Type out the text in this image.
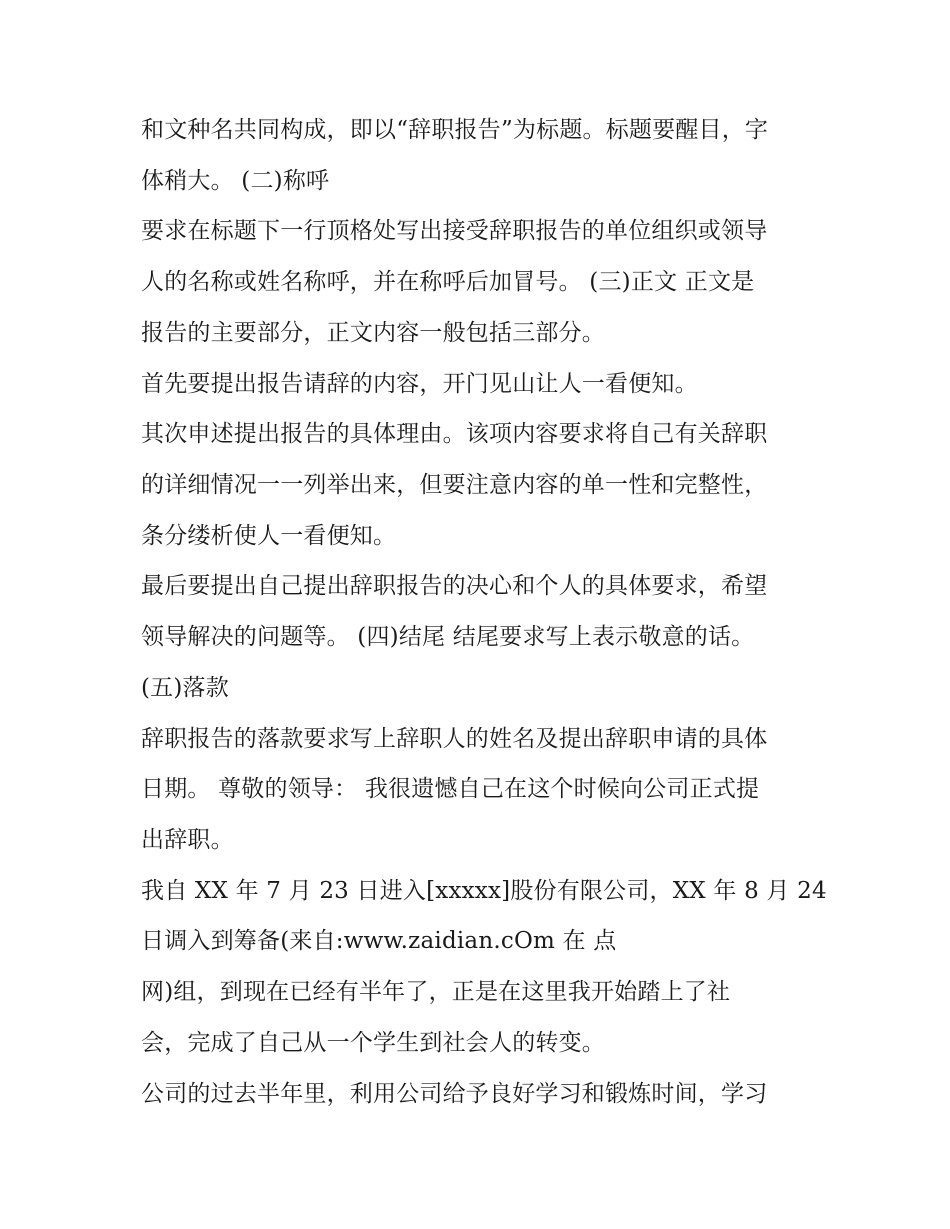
和文种名共同构成，即以“辞职报告”为标题。标题要醒目，字

体稍大。 (二)称呼

要求在标题下一行顶格处写出接受辞职报告的单位组织或领导

人的名称或姓名称呼，并在称呼后加冒号。 (三)正文 正文是

报告的主要部分，正文内容一般包括三部分。

首先要提出报告请辞的内容，开门见山让人一看便知。

其次申述提出报告的具体理由。该项内容要求将自己有关辞职

的详细情况一一列举出来，但要注意内容的单一性和完整性，

条分缕析使人一看便知。

最后要提出自己提出辞职报告的决心和个人的具体要求，希望

领导解决的问题等。 (四)结尾 结尾要求写上表示敬意的话。

(五)落款

辞职报告的落款要求写上辞职人的姓名及提出辞职申请的具体

日期。 尊敬的领导： 我很遗憾自己在这个时候向公司正式提

出辞职。

我自 XX 年 7 月 23 日进入[xxxxx]股份有限公司，XX 年 8 月 24

日调入到筹备(来自:www.zaidian.cOm 在 点

网)组，到现在已经有半年了，正是在这里我开始踏上了社

会，完成了自己从一个学生到社会人的转变。

公司的过去半年里，利用公司给予良好学习和锻炼时间，学习
